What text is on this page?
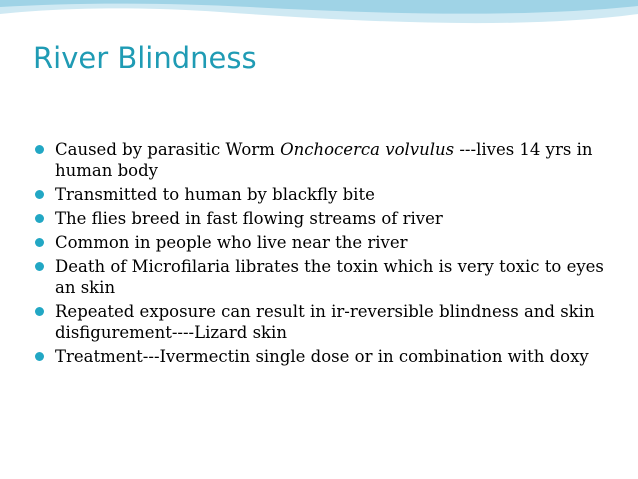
River Blindness
Caused by parasitic Worm Onchocerca volvulus ---lives 14 yrs in human body
Transmitted to human by blackfly bite
The flies breed in fast flowing streams of river
Common in people who live near the river
Death of Microfilaria librates the toxin which is very toxic to eyes an skin
Repeated exposure can result in ir-reversible blindness and skin disfigurement----Lizard skin
Treatment---Ivermectin single dose or in combination with doxy
